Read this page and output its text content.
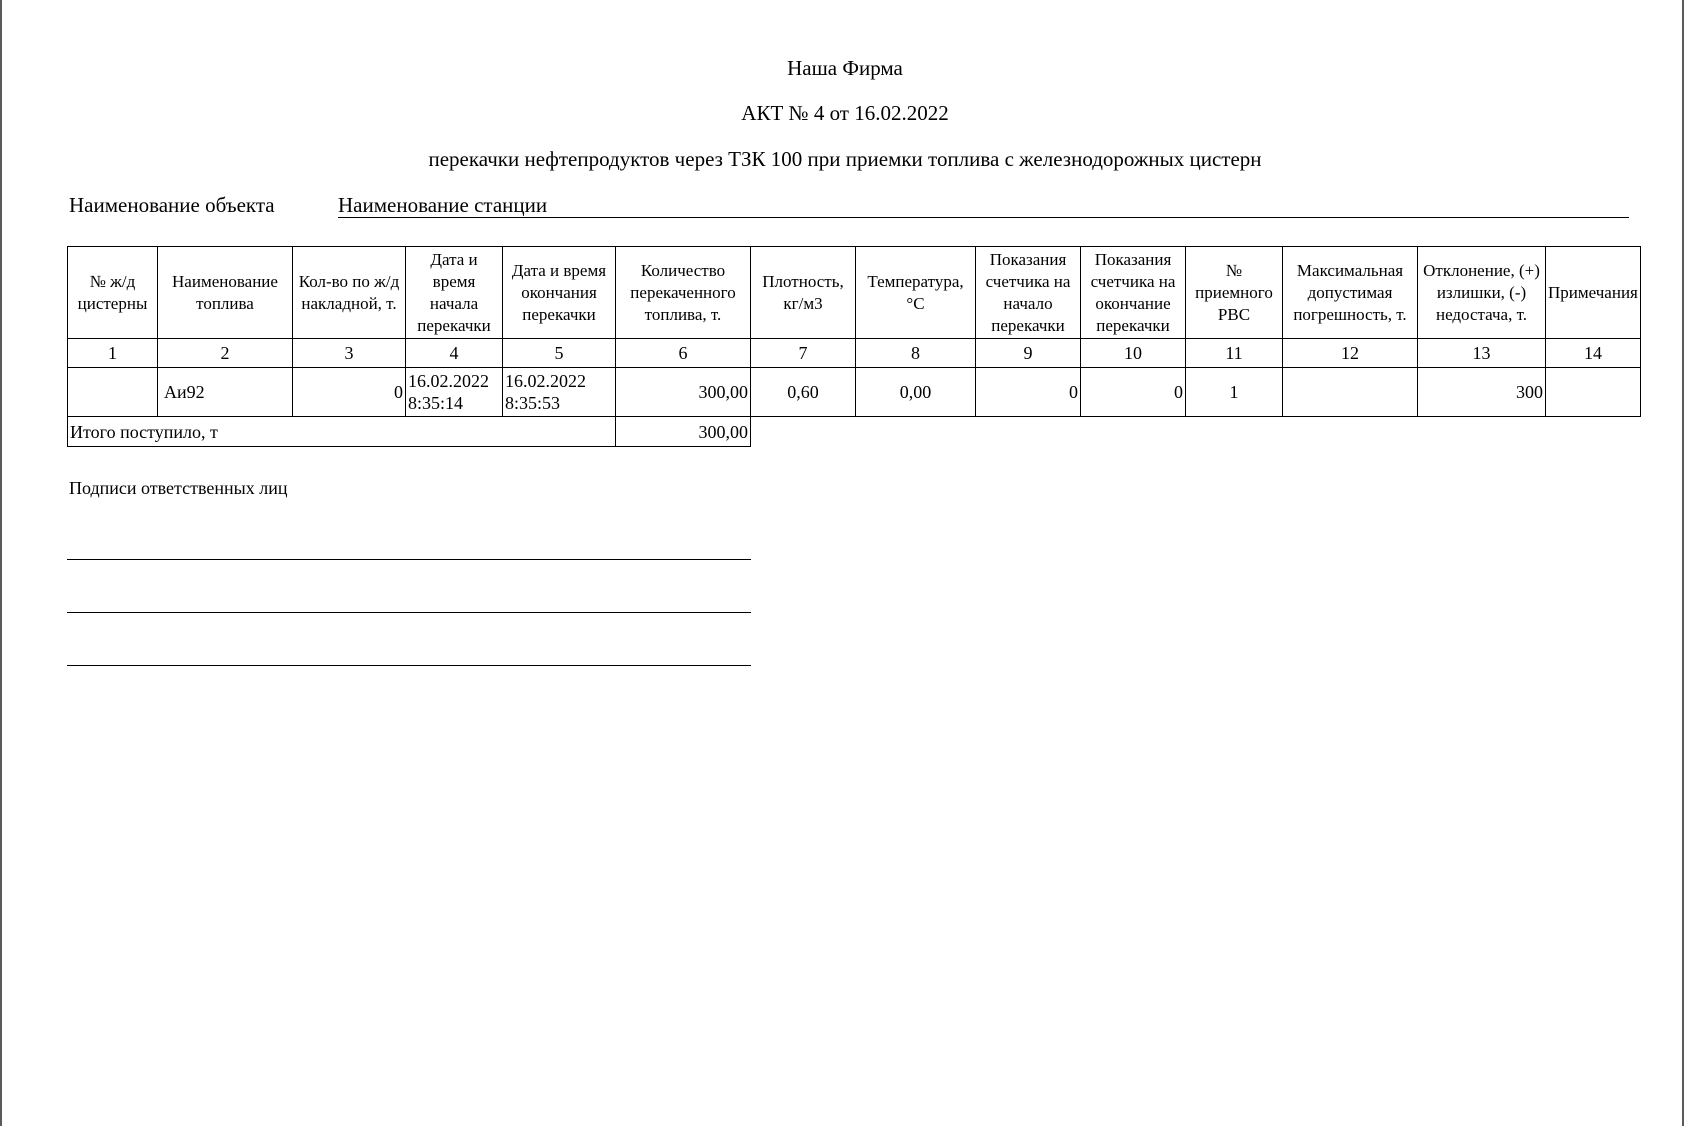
Наша Фирма
АКТ № 4 от 16.02.2022
перекачки нефтепродуктов через ТЗК 100 при приемки топлива с железнодорожных цистерн
Наименование объекта	Наименование станции
№ ж/д цистерны	Наименование топлива	Кол-во по ж/д накладной, т.	Дата и время начала перекачки	Дата и время окончания перекачки	Количество перекаченного топлива, т.	Плотность, кг/м3	Температура, °С	Показания счетчика на начало перекачки	Показания счетчика на окончание перекачки	№ приемного РВС	Максимальная допустимая погрешность, т.	Отклонение, (+) излишки, (-) недостача, т.	Примечания
1	2	3	4	5	6	7	8	9	10	11	12	13	14
	Аи92	0	16.02.2022 8:35:14	16.02.2022 8:35:53	300,00	0,60	0,00	0	0	1		300	
Итого поступило, т					300,00								
Подписи ответственных лиц
